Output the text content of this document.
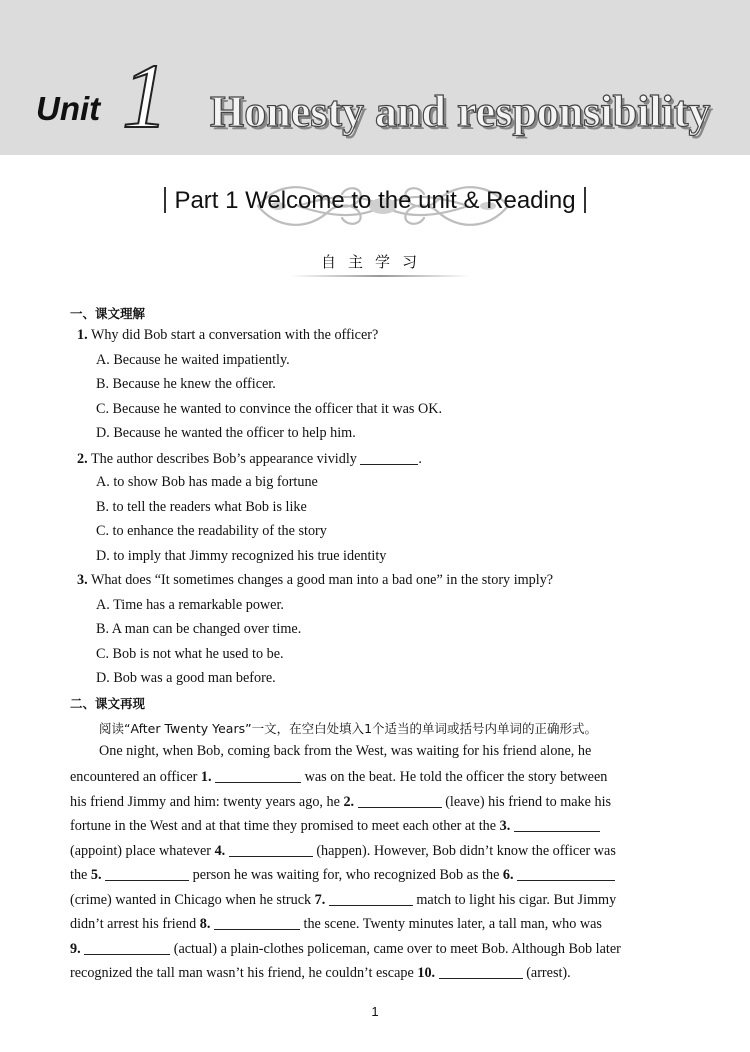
Unit 1 Honesty and responsibility
Part 1 Welcome to the unit & Reading
自主学习
一、课文理解
1. Why did Bob start a conversation with the officer?
A. Because he waited impatiently.
B. Because he knew the officer.
C. Because he wanted to convince the officer that it was OK.
D. Because he wanted the officer to help him.
2. The author describes Bob’s appearance vividly	.
A. to show Bob has made a big fortune
B. to tell the readers what Bob is like
C. to enhance the readability of the story
D. to imply that Jimmy recognized his true identity
3. What does “It sometimes changes a good man into a bad one” in the story imply?
A. Time has a remarkable power.
B. A man can be changed over time.
C. Bob is not what he used to be.
D. Bob was a good man before.
二、课文再现
阅读“After Twenty Years”一文，在空白处填入1个适当的单词或括号内单词的正确形式。
One night, when Bob, coming back from the West, was waiting for his friend alone, he
encountered an officer 1.	was on the beat. He told the officer the story between
his friend Jimmy and him: twenty years ago, he 2.	(leave) his friend to make his
fortune in the West and at that time they promised to meet each other at the 3.
(appoint) place whatever 4.	(happen). However, Bob didn’t know the officer was
the 5.	person he was waiting for, who recognized Bob as the 6.
(crime) wanted in Chicago when he struck 7.	match to light his cigar. But Jimmy
didn’t arrest his friend 8.	the scene. Twenty minutes later, a tall man, who was
9.	(actual) a plain-clothes policeman, came over to meet Bob. Although Bob later
recognized the tall man wasn’t his friend, he couldn’t escape 10.	(arrest).
1
